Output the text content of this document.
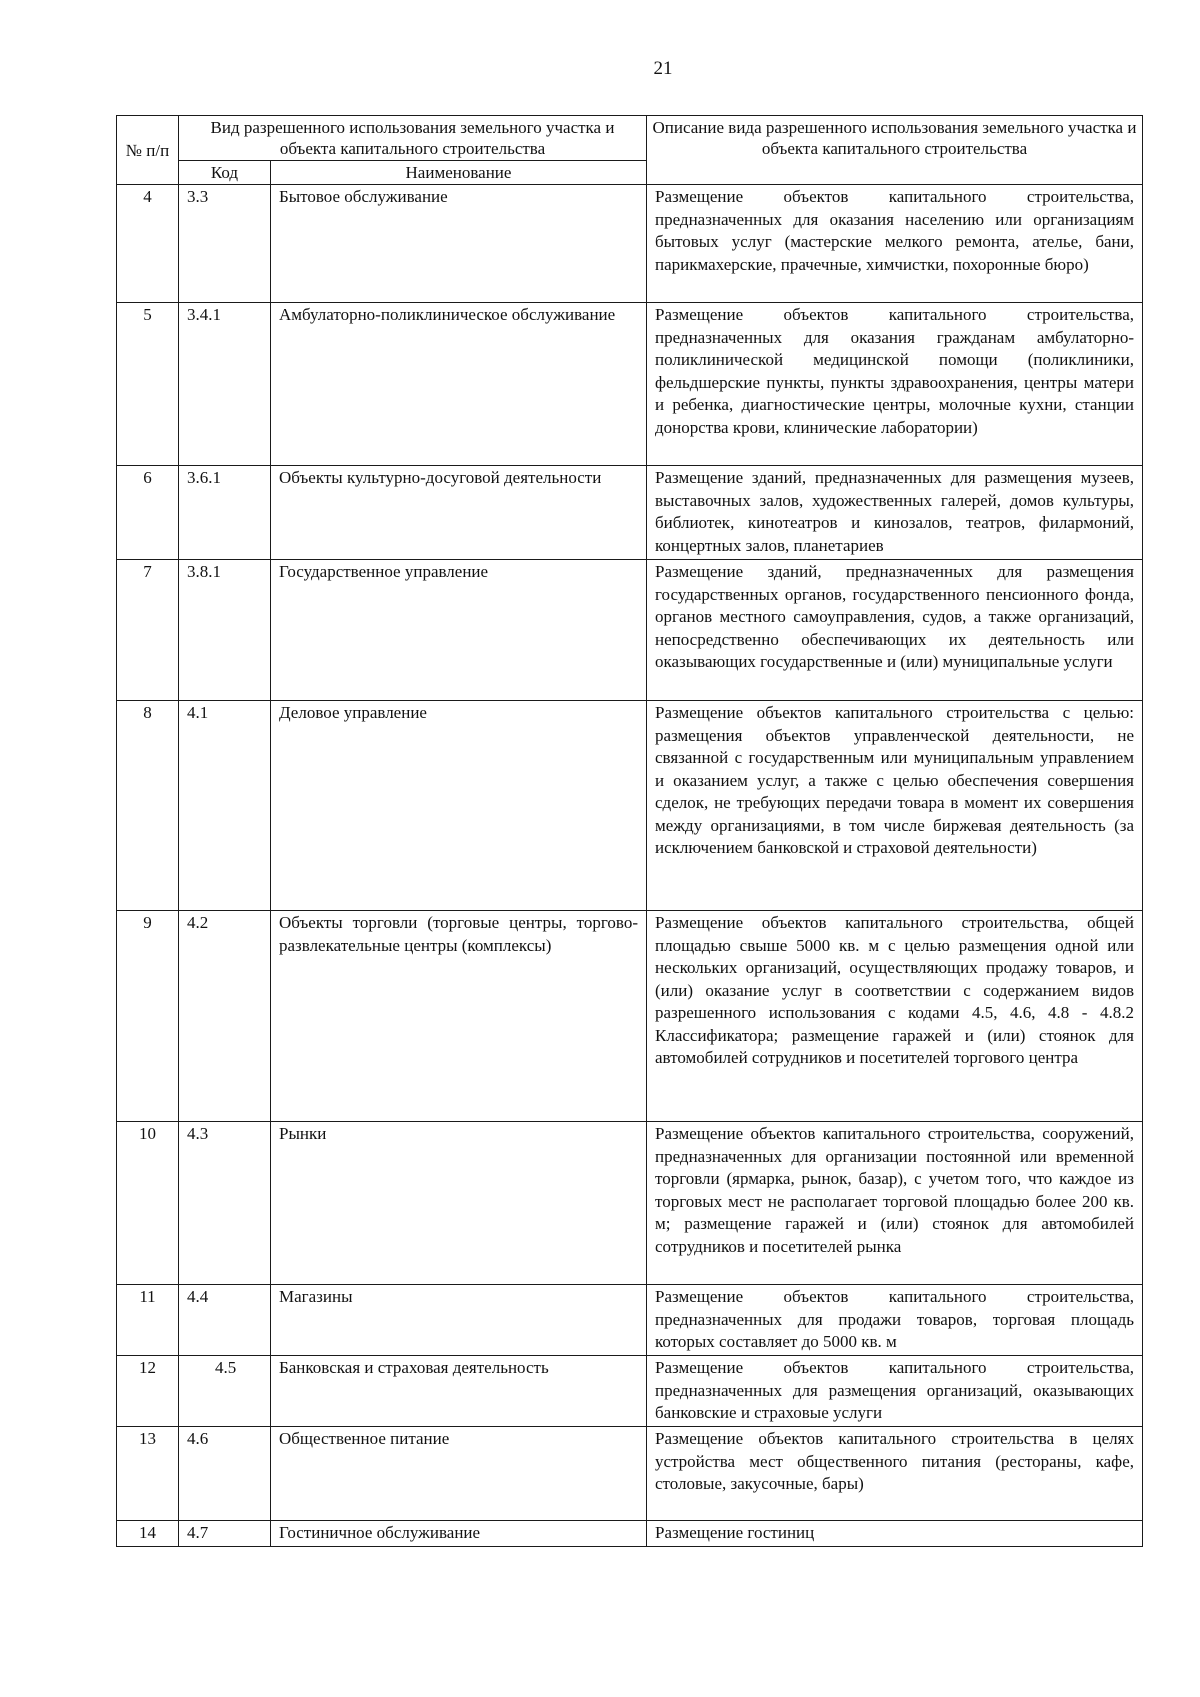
21
№ п/п	Вид разрешенного использования земельного участка и объекта капитального строительства		Описание вида разрешенного использования земельного участка и объекта капитального строительства
	Код	Наименование	
4	3.3	Бытовое обслуживание	Размещение объектов капитального строительства, предназначенных для оказания населению или организациям бытовых услуг (мастерские мелкого ремонта, ателье, бани, парикмахерские, прачечные, химчистки, похоронные бюро)
5	3.4.1	Амбулаторно-поликлиническое обслуживание	Размещение объектов капитального строительства, предназначенных для оказания гражданам амбулаторно-поликлинической медицинской помощи (поликлиники, фельдшерские пункты, пункты здравоохранения, центры матери и ребенка, диагностические центры, молочные кухни, станции донорства крови, клинические лаборатории)
6	3.6.1	Объекты культурно-досуговой деятельности	Размещение зданий, предназначенных для размещения музеев, выставочных залов, художественных галерей, домов культуры, библиотек, кинотеатров и кинозалов, театров, филармоний, концертных залов, планетариев
7	3.8.1	Государственное управление	Размещение зданий, предназначенных для размещения государственных органов, государственного пенсионного фонда, органов местного самоуправления, судов, а также организаций, непосредственно обеспечивающих их деятельность или оказывающих государственные и (или) муниципальные услуги
8	4.1	Деловое управление	Размещение объектов капитального строительства с целью: размещения объектов управленческой деятельности, не связанной с государственным или муниципальным управлением и оказанием услуг, а также с целью обеспечения совершения сделок, не требующих передачи товара в момент их совершения между организациями, в том числе биржевая деятельность (за исключением банковской и страховой деятельности)
9	4.2	Объекты торговли (торговые центры, торгово-развлекательные центры (комплексы)	Размещение объектов капитального строительства, общей площадью свыше 5000 кв. м с целью размещения одной или нескольких организаций, осуществляющих продажу товаров, и (или) оказание услуг в соответствии с содержанием видов разрешенного использования с кодами 4.5, 4.6, 4.8 - 4.8.2 Классификатора; размещение гаражей и (или) стоянок для автомобилей сотрудников и посетителей торгового центра
10	4.3	Рынки	Размещение объектов капитального строительства, сооружений, предназначенных для организации постоянной или временной торговли (ярмарка, рынок, базар), с учетом того, что каждое из торговых мест не располагает торговой площадью более 200 кв. м; размещение гаражей и (или) стоянок для автомобилей сотрудников и посетителей рынка
11	4.4	Магазины	Размещение объектов капитального строительства, предназначенных для продажи товаров, торговая площадь которых составляет до 5000 кв. м
12	4.5	Банковская и страховая деятельность	Размещение объектов капитального строительства, предназначенных для размещения организаций, оказывающих банковские и страховые услуги
13	4.6	Общественное питание	Размещение объектов капитального строительства в целях устройства мест общественного питания (рестораны, кафе, столовые, закусочные, бары)
14	4.7	Гостиничное обслуживание	Размещение гостиниц
